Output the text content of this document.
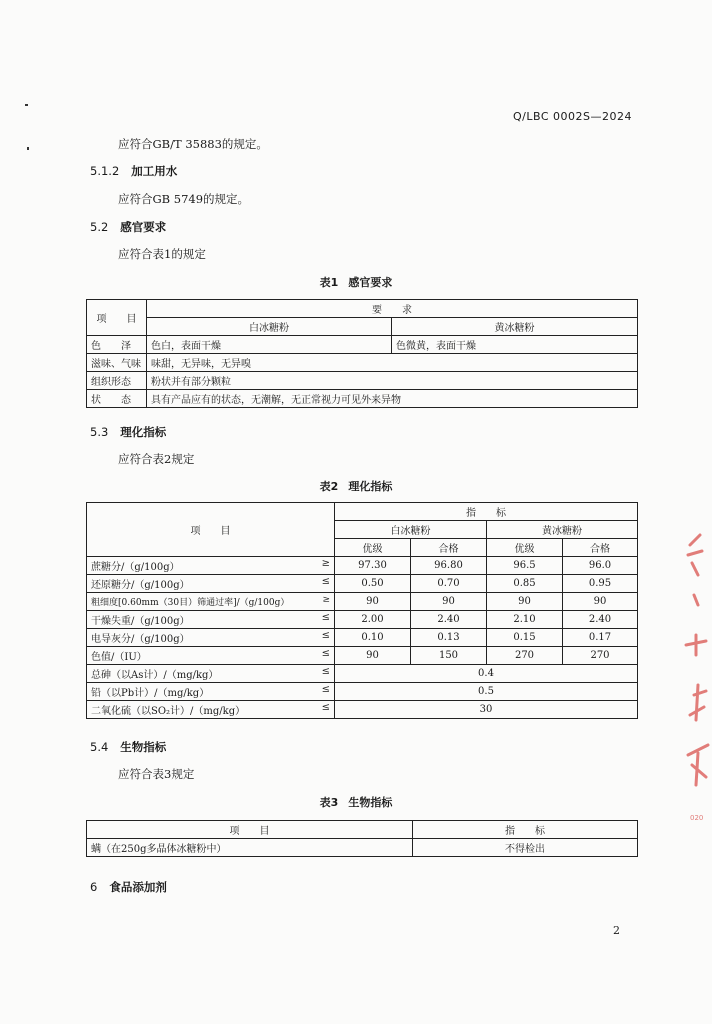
Q/LBC 0002S—2024
应符合GB/T 35883的规定。
5.1.2 加工用水
应符合GB 5749的规定。
5.2 感官要求
应符合表1的规定
表1 感官要求
项　　目	要　　求	
	白冰糖粉	黄冰糖粉
色　　泽	色白，表面干燥	色微黄，表面干燥
滋味、气味	味甜，无异味，无异嗅	
组织形态	粉状并有部分颗粒	
状　　态	具有产品应有的状态，无潮解，无正常视力可见外来异物	
5.3 理化指标
应符合表2规定
表2 理化指标
项　　目	指　　标			
	白冰糖粉		黄冰糖粉	
	优级	合格	优级	合格
蔗糖分/（g/100g） ≥	97.30	96.80	96.5	96.0
还原糖分/（g/100g） ≤	0.50	0.70	0.85	0.95
粗细度[0.60mm（30目）筛通过率]/（g/100g） ≥	90	90	90	90
干燥失重/（g/100g） ≤	2.00	2.40	2.10	2.40
电导灰分/（g/100g） ≤	0.10	0.13	0.15	0.17
色值/（IU） ≤	90	150	270	270
总砷（以As计）/（mg/kg） ≤	0.4			
铅（以Pb计）/（mg/kg） ≤	0.5			
二氧化硫（以SO₂计）/（mg/kg） ≤	30			
5.4 生物指标
应符合表3规定
表3 生物指标
项　　目	指　　标
螨（在250g多晶体冰糖粉中）	不得检出
6 食品添加剂
2
020
